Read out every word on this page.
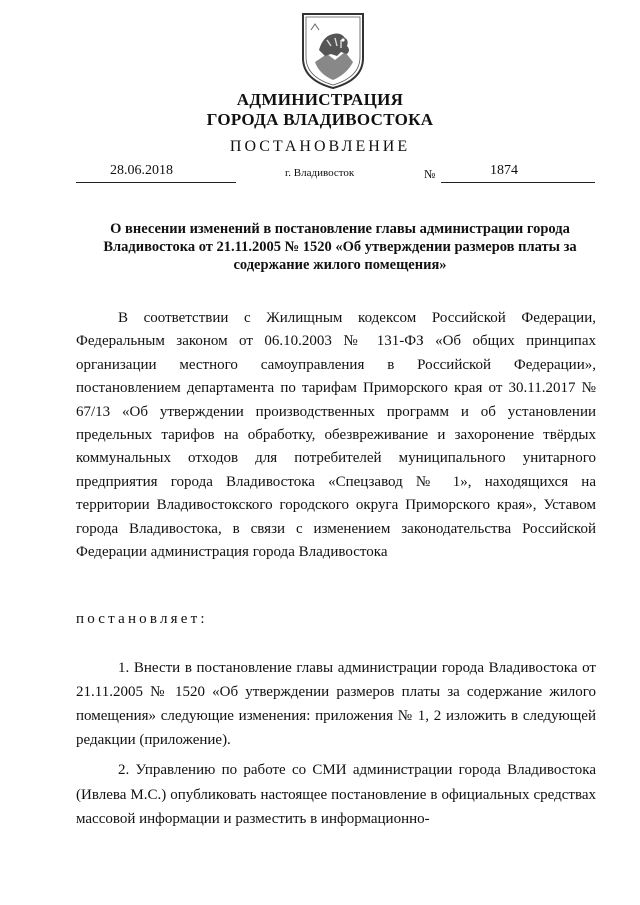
АДМИНИСТРАЦИЯ
ГОРОДА ВЛАДИВОСТОКА
ПОСТАНОВЛЕНИЕ
28.06.2018	г. Владивосток	№	1874
О внесении изменений в постановление главы администрации города Владивостока от 21.11.2005 № 1520 «Об утверждении размеров платы за содержание жилого помещения»
В соответствии с Жилищным кодексом Российской Федерации, Федеральным законом от 06.10.2003 № 131-ФЗ «Об общих принципах организации местного самоуправления в Российской Федерации», постановлением департамента по тарифам Приморского края от 30.11.2017 № 67/13 «Об утверждении производственных программ и об установлении предельных тарифов на обработку, обезвреживание и захоронение твёрдых коммунальных отходов для потребителей муниципального унитарного предприятия города Владивостока «Спецзавод № 1», находящихся на территории Владивостокского городского округа Приморского края», Уставом города Владивостока, в связи с изменением законодательства Российской Федерации администрация города Владивостока
постановляет:
1. Внести в постановление главы администрации города Владивостока от 21.11.2005 № 1520 «Об утверждении размеров платы за содержание жилого помещения» следующие изменения: приложения № 1, 2 изложить в следующей редакции (приложение).
2. Управлению по работе со СМИ администрации города Владивостока (Ивлева М.С.) опубликовать настоящее постановление в официальных средствах массовой информации и разместить в информационно-
